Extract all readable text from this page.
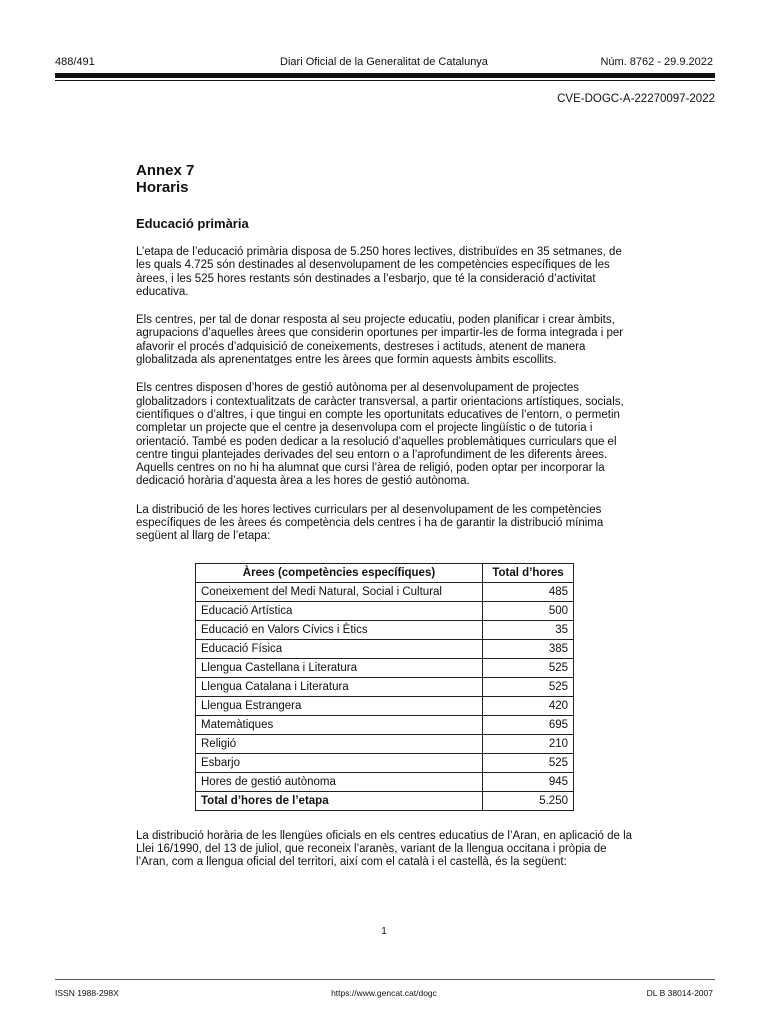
488/491	Diari Oficial de la Generalitat de Catalunya	Núm. 8762 - 29.9.2022
CVE-DOGC-A-22270097-2022
Annex 7
Horaris
Educació primària

L’etapa de l’educació primària disposa de 5.250 hores lectives, distribuïdes en 35 setmanes, de les quals 4.725 són destinades al desenvolupament de les competències específiques de les àrees, i les 525 hores restants són destinades a l’esbarjo, que té la consideració d’activitat educativa.

Els centres, per tal de donar resposta al seu projecte educatiu, poden planificar i crear àmbits, agrupacions d’aquelles àrees que considerin oportunes per impartir-les de forma integrada i per afavorir el procés d’adquisició de coneixements, destreses i actituds, atenent de manera globalitzada als aprenentatges entre les àrees que formin aquests àmbits escollits.

Els centres disposen d’hores de gestió autònoma per al desenvolupament de projectes globalitzadors i contextualitzats de caràcter transversal, a partir orientacions artístiques, socials, científiques o d’altres, i que tingui en compte les oportunitats educatives de l’entorn, o permetin completar un projecte que el centre ja desenvolupa com el projecte lingüístic o de tutoria i orientació. També es poden dedicar a la resolució d’aquelles problemàtiques curriculars que el centre tingui plantejades derivades del seu entorn o a l’aprofundiment de les diferents àrees. Aquells centres on no hi ha alumnat que cursi l’àrea de religió, poden optar per incorporar la dedicació horària d’aquesta àrea a les hores de gestió autònoma.

La distribució de les hores lectives curriculars per al desenvolupament de les competències específiques de les àrees és competència dels centres i ha de garantir la distribució mínima següent al llarg de l’etapa:

Àrees (competències específiques)	Total d’hores
Coneixement del Medi Natural, Social i Cultural	485
Educació Artística	500
Educació en Valors Cívics i Ètics	35
Educació Física	385
Llengua Castellana i Literatura	525
Llengua Catalana i Literatura	525
Llengua Estrangera	420
Matemàtiques	695
Religió	210
Esbarjo	525
Hores de gestió autònoma	945
Total d’hores de l’etapa	5.250

La distribució horària de les llengües oficials en els centres educatius de l’Aran, en aplicació de la Llei 16/1990, del 13 de juliol, que reconeix l’aranès, variant de la llengua occitana i pròpia de l’Aran, com a llengua oficial del territori, així com el català i el castellà, és la següent:

1
ISSN 1988-298X	https://www.gencat.cat/dogc	DL B 38014-2007
